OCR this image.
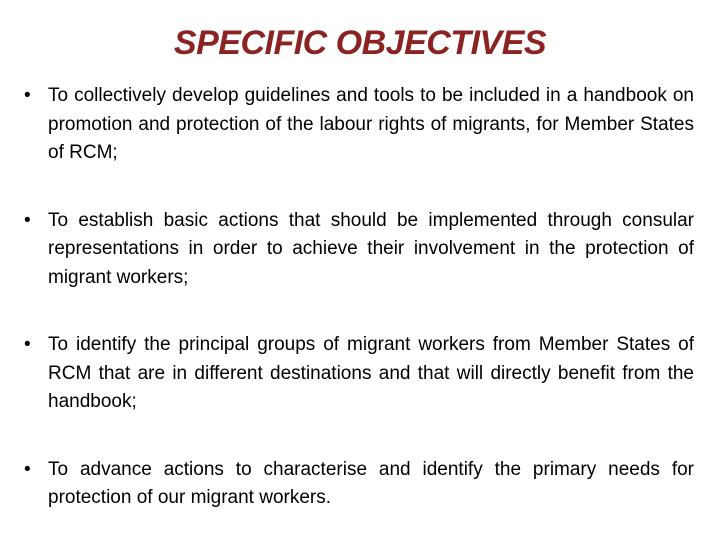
SPECIFIC OBJECTIVES
• To collectively develop guidelines and tools to be included in a handbook on promotion and protection of the labour rights of migrants, for Member States of RCM;
• To establish basic actions that should be implemented through consular representations in order to achieve their involvement in the protection of migrant workers;
• To identify the principal groups of migrant workers from Member States of RCM that are in different destinations and that will directly benefit from the handbook;
• To advance actions to characterise and identify the primary needs for protection of our migrant workers.
